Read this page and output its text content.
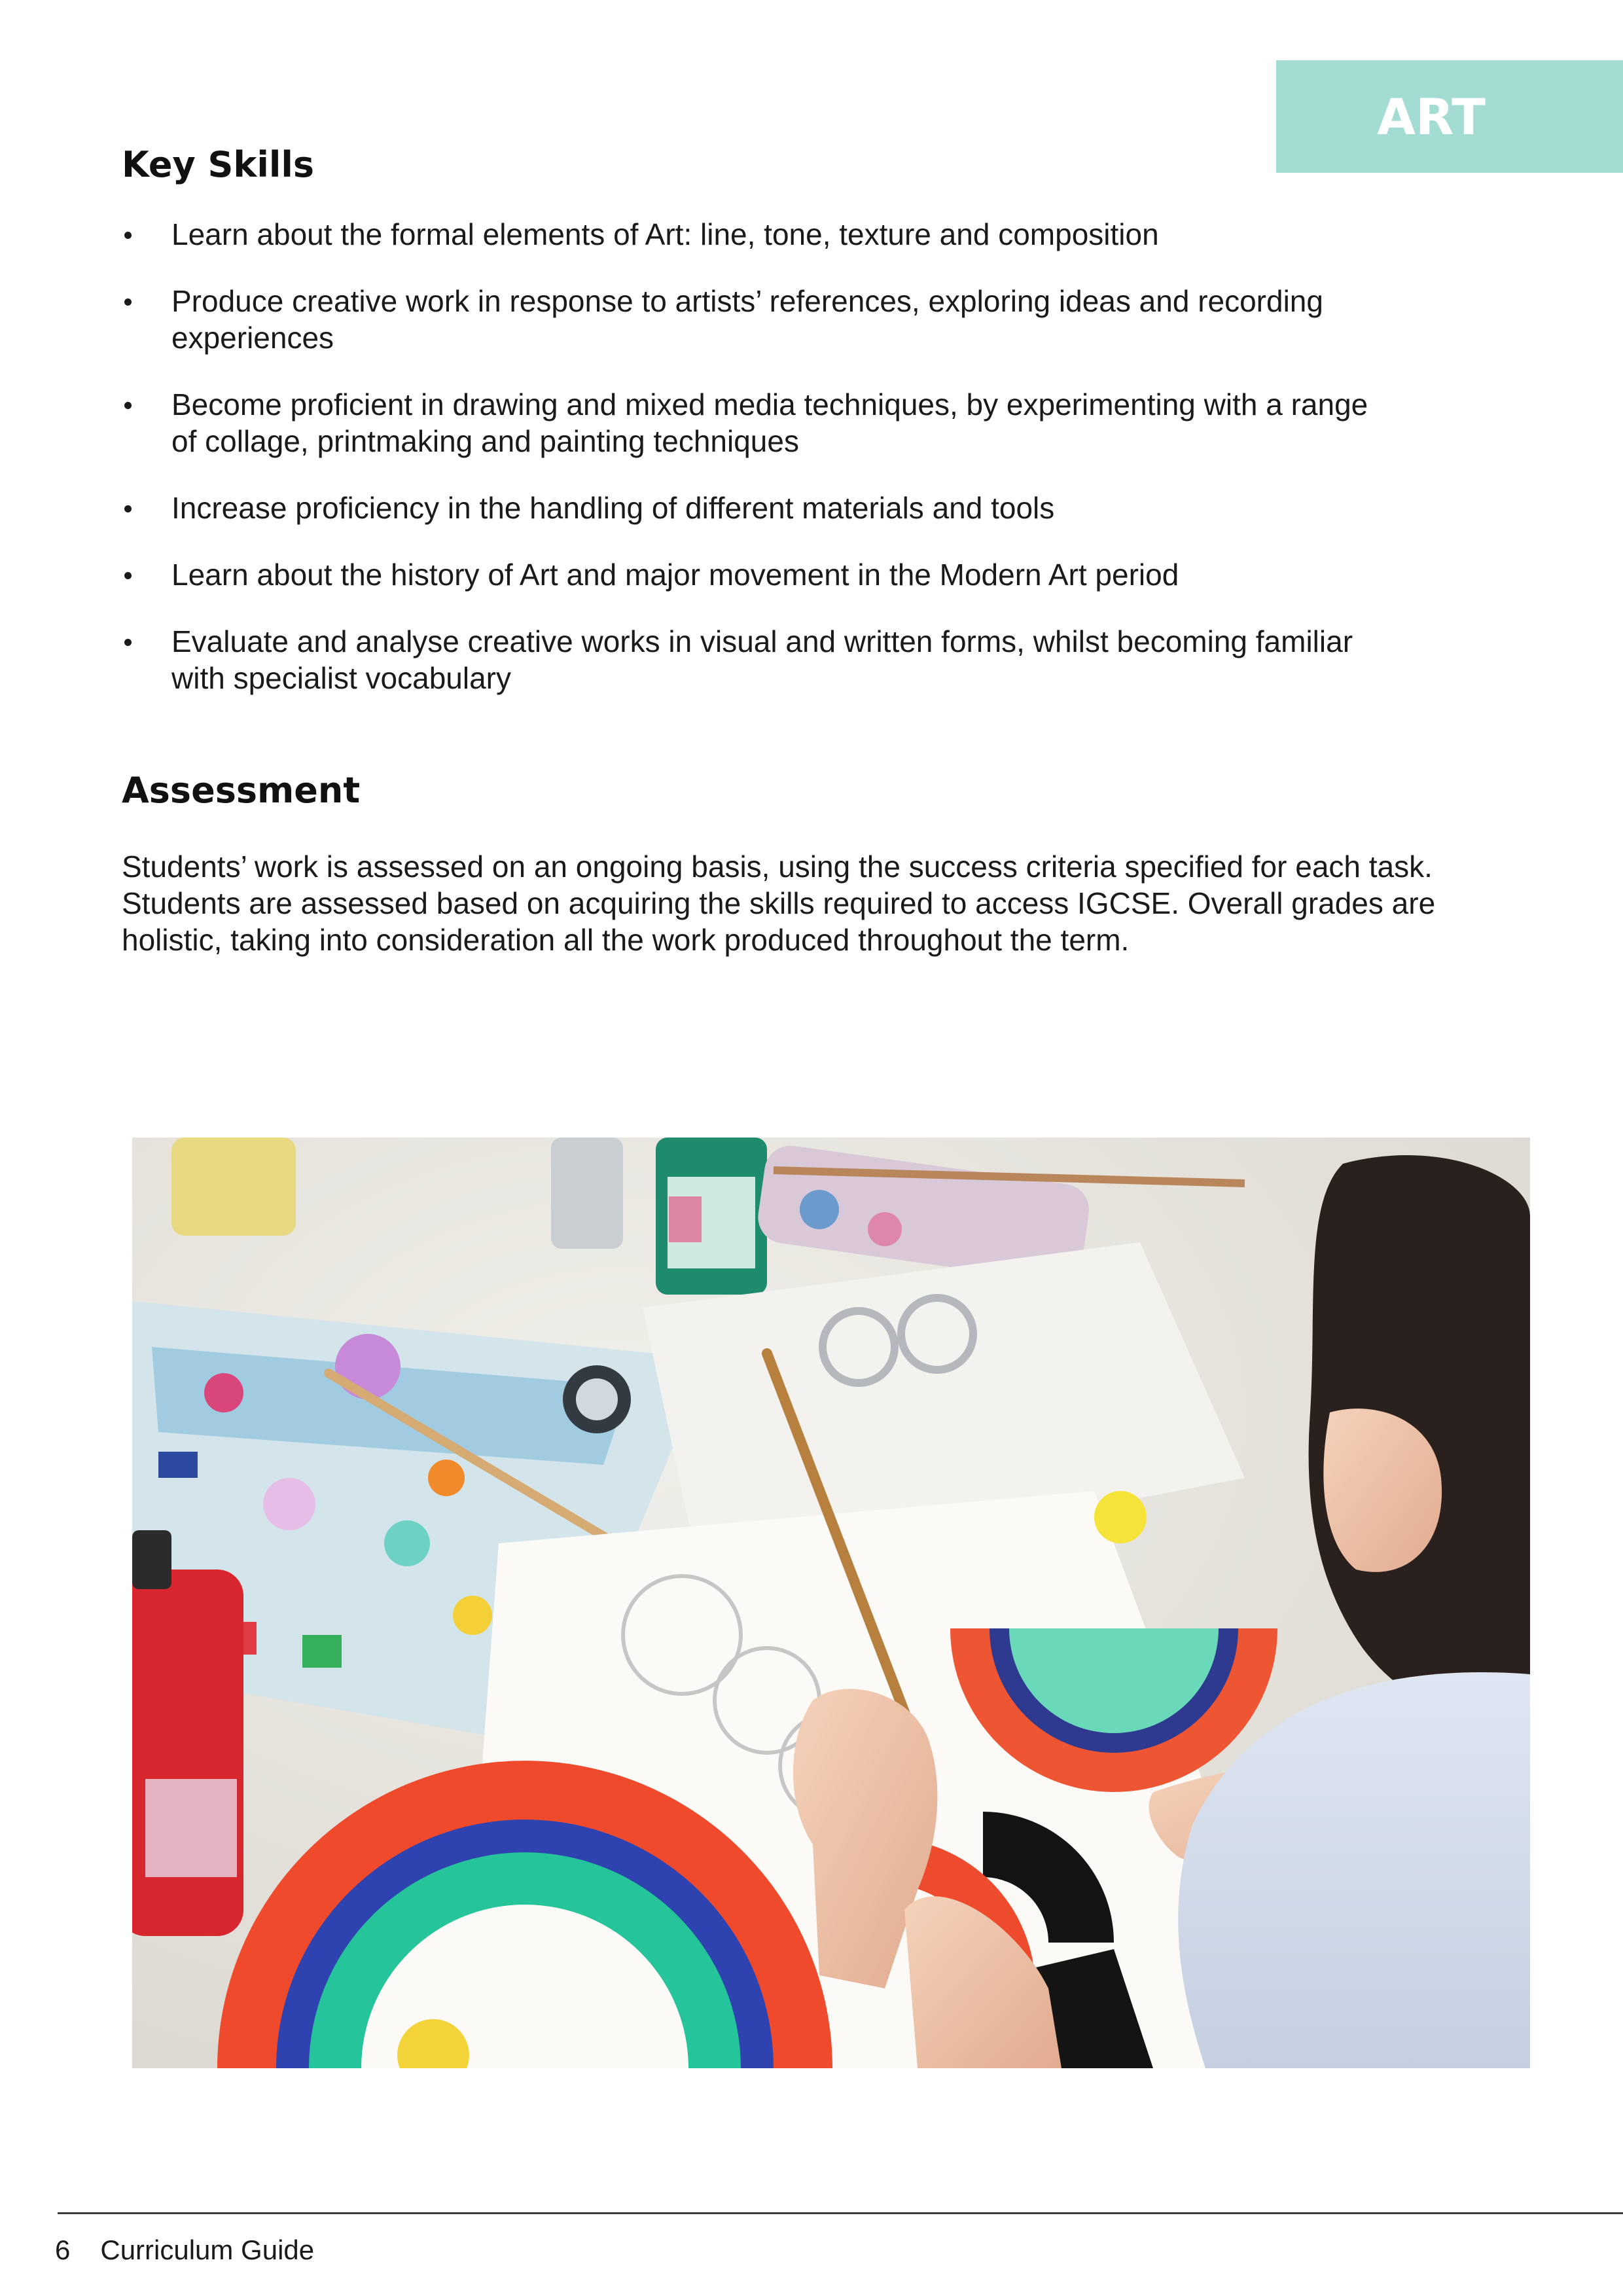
ART
Key Skills
Learn about the formal elements of Art: line, tone, texture and composition
Produce creative work in response to artists’ references, exploring ideas and recording
experiences
Become proficient in drawing and mixed media techniques, by experimenting with a range
of collage, printmaking and painting techniques
Increase proficiency in the handling of different materials and tools
Learn about the history of Art and major movement in the Modern Art period
Evaluate and analyse creative works in visual and written forms, whilst becoming familiar
with specialist vocabulary
Assessment
Students’ work is assessed on an ongoing basis, using the success criteria specified for each task.
Students are assessed based on acquiring the skills required to access IGCSE. Overall grades are
holistic, taking into consideration all the work produced throughout the term.
6 Curriculum Guide
